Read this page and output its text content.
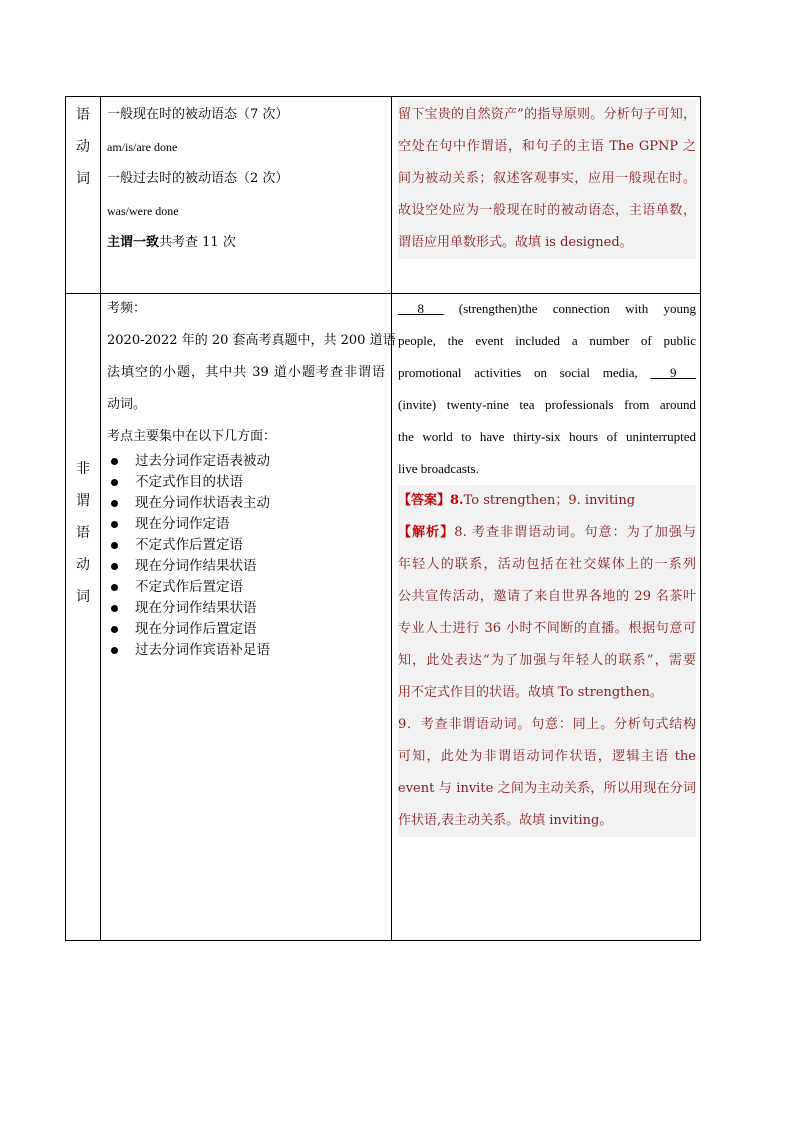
语
动
词
一般现在时的被动语态（7 次）
am/is/are done
一般过去时的被动语态（2 次）
was/were done
主谓一致共考查 11 次
留下宝贵的自然资产”的指导原则。分析句子可知，
空处在句中作谓语，和句子的主语 The GPNP 之
间为被动关系；叙述客观事实，应用一般现在时。
故设空处应为一般现在时的被动语态，主语单数，
谓语应用单数形式。故填 is designed。
非
谓
语
动
词
考频：
2020-2022 年的 20 套高考真题中，共 200 道语
法填空的小题，其中共 39 道小题考查非谓语
动词。
考点主要集中在以下几方面：
过去分词作定语表被动
不定式作目的状语
现在分词作状语表主动
现在分词作定语
不定式作后置定语
现在分词作结果状语
不定式作后置定语
现在分词作结果状语
现在分词作后置定语
过去分词作宾语补足语
___8___ (strengthen)the connection with young
people, the event included a number of public
promotional activities on social media, ___9___
(invite) twenty-nine tea professionals from around
the world to have thirty-six hours of uninterrupted
live broadcasts.
【答案】8.To strengthen；9. inviting
【解析】8. 考查非谓语动词。句意：为了加强与
年轻人的联系，活动包括在社交媒体上的一系列
公共宣传活动，邀请了来自世界各地的 29 名茶叶
专业人士进行 36 小时不间断的直播。根据句意可
知，此处表达“为了加强与年轻人的联系”，需要
用不定式作目的状语。故填 To strengthen。
9．考查非谓语动词。句意：同上。分析句式结构
可知，此处为非谓语动词作状语，逻辑主语 the
event 与 invite 之间为主动关系，所以用现在分词
作状语,表主动关系。故填 inviting。
